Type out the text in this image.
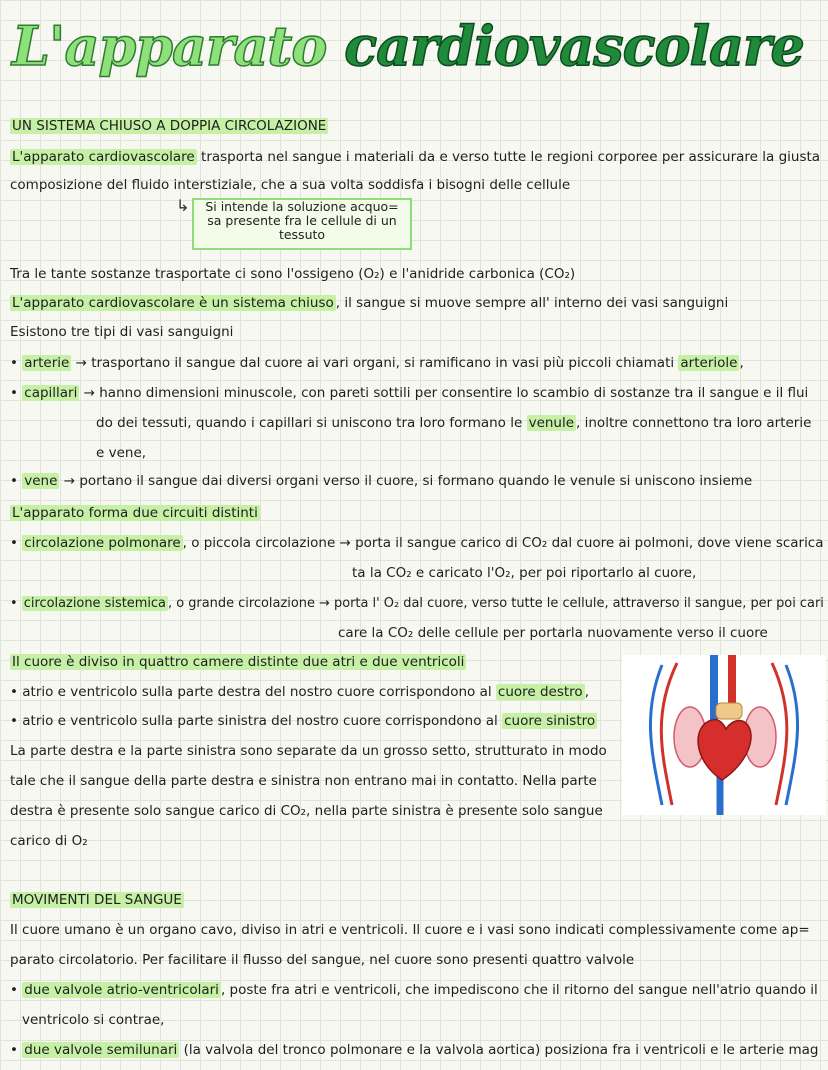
L'apparato cardiovascolare
UN SISTEMA CHIUSO A DOPPIA CIRCOLAZIONE
L'apparato cardiovascolare trasporta nel sangue i materiali da e verso tutte le regioni corporee per assicurare la giusta
composizione del fluido interstiziale, che a sua volta soddisfa i bisogni delle cellule
↳	Si intende la soluzione acquo=
sa presente fra le cellule di un
tessuto
Tra le tante sostanze trasportate ci sono l'ossigeno (O₂) e l'anidride carbonica (CO₂)
L'apparato cardiovascolare è un sistema chiuso , il sangue si muove sempre all' interno dei vasi sanguigni
Esistono tre tipi di vasi sanguigni
• arterie → trasportano il sangue dal cuore ai vari organi, si ramificano in vasi più piccoli chiamati arteriole ,
• capillari → hanno dimensioni minuscole, con pareti sottili per consentire lo scambio di sostanze tra il sangue e il flui
do dei tessuti, quando i capillari si uniscono tra loro formano le venule , inoltre connettono tra loro arterie
e vene,
• vene → portano il sangue dai diversi organi verso il cuore, si formano quando le venule si uniscono insieme
L'apparato forma due circuiti distinti
• circolazione polmonare , o piccola circolazione → porta il sangue carico di CO₂ dal cuore ai polmoni, dove viene scarica
ta la CO₂ e caricato l'O₂, per poi riportarlo al cuore,
• circolazione sistemica , o grande circolazione → porta l' O₂ dal cuore, verso tutte le cellule, attraverso il sangue, per poi cari
care la CO₂ delle cellule per portarla nuovamente verso il cuore
Il cuore è diviso in quattro camere distinte due atri e due ventricoli
• atrio e ventricolo sulla parte destra del nostro cuore corrispondono al cuore destro ,
• atrio e ventricolo sulla parte sinistra del nostro cuore corrispondono al cuore sinistro
La parte destra e la parte sinistra sono separate da un grosso setto, strutturato in modo
tale che il sangue della parte destra e sinistra non entrano mai in contatto. Nella parte
destra è presente solo sangue carico di CO₂, nella parte sinistra è presente solo sangue
carico di O₂
MOVIMENTI DEL SANGUE
Il cuore umano è un organo cavo, diviso in atri e ventricoli. Il cuore e i vasi sono indicati complessivamente come ap=
parato circolatorio. Per facilitare il flusso del sangue, nel cuore sono presenti quattro valvole
• due valvole atrio-ventricolari , poste fra atri e ventricoli, che impediscono che il ritorno del sangue nell'atrio quando il
ventricolo si contrae,
• due valvole semilunari (la valvola del tronco polmonare e la valvola aortica) posiziona fra i ventricoli e le arterie mag
